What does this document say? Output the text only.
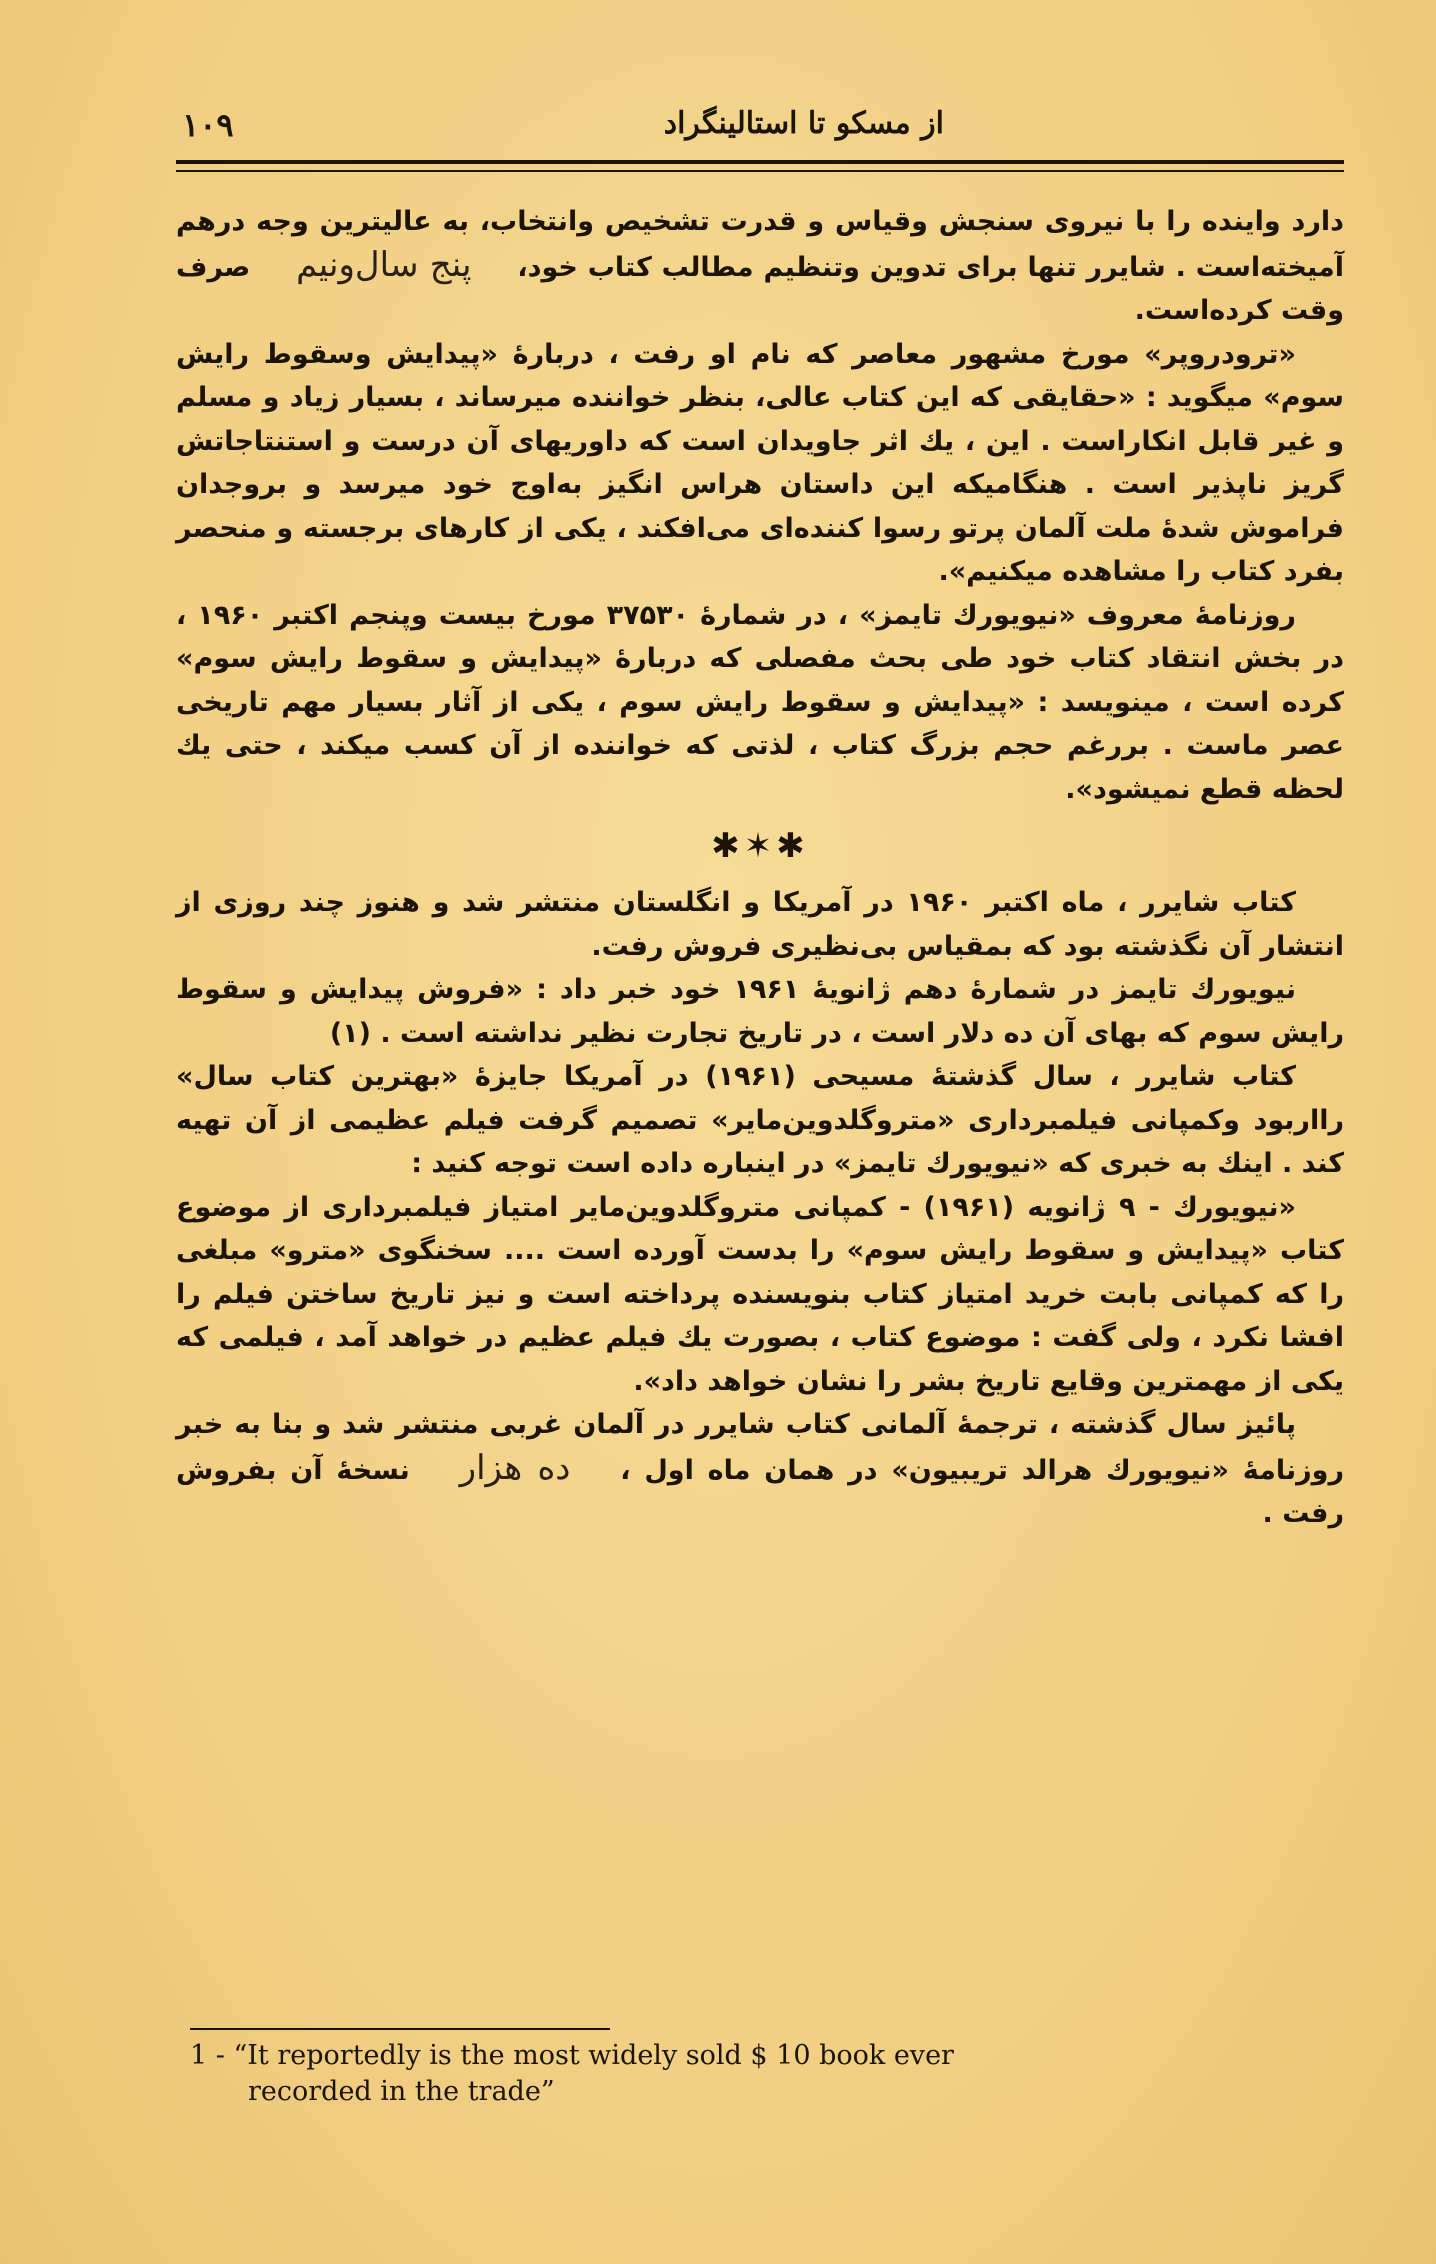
۱۰۹	از مسکو تا استالینگراد

دارد واینده را با نیروی سنجش وقیاس و قدرت تشخیص وانتخاب، به عالیترین وجه درهم آمیخته‌است . شایرر تنها برای تدوین وتنظیم مطالب کتاب خود، پنج سال‌ونیم صرف وقت کرده‌است.

«ترودروپر» مورخ مشهور معاصر که نام او رفت ، دربارهٔ «پیدایش وسقوط رایش سوم» میگوید : «حقایقی که این کتاب عالی، بنظر خواننده میرساند ، بسیار زیاد و مسلم و غیر قابل انکاراست . این ، یك اثر جاویدان است که داوریهای آن درست و استنتاجاتش گریز ناپذیر است . هنگامیکه این داستان هراس انگیز به‌اوج خود میرسد و بروجدان فراموش شدهٔ ملت آلمان پرتو رسوا کننده‌ای می‌افکند ، یکی از کارهای برجسته و منحصر بفرد کتاب را مشاهده میکنیم».

روزنامهٔ معروف «نیویورك تایمز» ، در شمارهٔ ۳۷۵۳۰ مورخ بیست وپنجم اکتبر ۱۹۶۰ ، در بخش انتقاد کتاب خود طی بحث مفصلی که دربارهٔ «پیدایش و سقوط رایش سوم» کرده است ، مینویسد : «پیدایش و سقوط رایش سوم ، یکی از آثار بسیار مهم تاریخی عصر ماست . بررغم حجم بزرگ کتاب ، لذتی که خواننده از آن کسب میکند ، حتی یك لحظه قطع نمیشود».

✱✶✱

کتاب شایرر ، ماه اکتبر ۱۹۶۰ در آمریکا و انگلستان منتشر شد و هنوز چند روزی از انتشار آن نگذشته بود که بمقیاس بی‌نظیری فروش رفت.

نیویورك تایمز در شمارهٔ دهم ژانویهٔ ۱۹۶۱ خود خبر داد : «فروش پیدایش و سقوط رایش سوم که بهای آن ده دلار است ، در تاریخ تجارت نظیر نداشته است . (۱)

کتاب شایرر ، سال گذشتهٔ مسیحی (۱۹۶۱) در آمریکا جایزهٔ «بهترین کتاب سال» رااربود وکمپانی فیلمبرداری «متروگلدوین‌مایر» تصمیم گرفت فیلم عظیمی از آن تهیه کند . اینك به خبری که «نیویورك تایمز» در اینباره داده است توجه کنید :

«نیویورك - ۹ ژانویه (۱۹۶۱) - کمپانی متروگلدوین‌مایر امتیاز فیلمبرداری از موضوع کتاب «پیدایش و سقوط رایش سوم» را بدست آورده است .... سخنگوی «مترو» مبلغی را که کمپانی بابت خرید امتیاز کتاب بنویسنده پرداخته است و نیز تاریخ ساختن فیلم را افشا نکرد ، ولی گفت : موضوع کتاب ، بصورت یك فیلم عظیم در خواهد آمد ، فیلمی که یکی از مهمترین وقایع تاریخ بشر را نشان خواهد داد».

پائیز سال گذشته ، ترجمهٔ آلمانی کتاب شایرر در آلمان غربی منتشر شد و بنا به خبر روزنامهٔ «نیویورك هرالد تریبیون» در همان ماه اول ، ده هزار نسخهٔ آن بفروش رفت .

1 - “It reportedly is the most widely sold $ 10 book ever
recorded in the trade”
